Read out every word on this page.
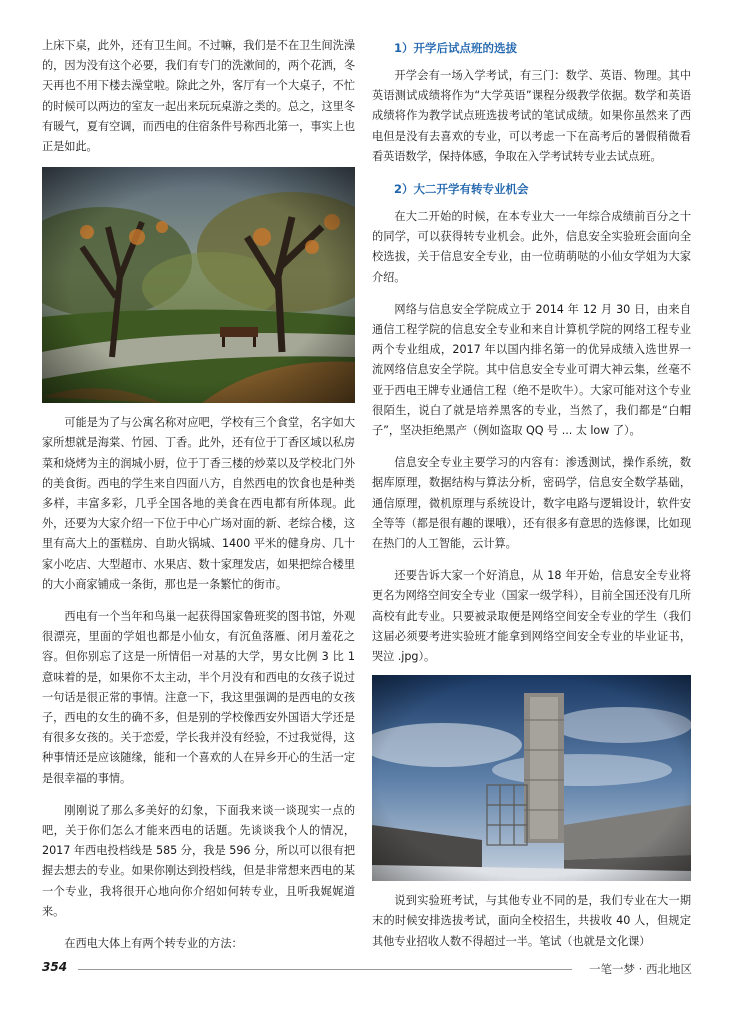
上床下桌，此外，还有卫生间。不过嘛，我们是不在卫生间洗澡的，因为没有这个必要，我们有专门的洗漱间的，两个花洒，冬天再也不用下楼去澡堂啦。除此之外，客厅有一个大桌子，不忙的时候可以两边的室友一起出来玩玩桌游之类的。总之，这里冬有暖气，夏有空调，而西电的住宿条件号称西北第一，事实上也正是如此。

可能是为了与公寓名称对应吧，学校有三个食堂，名字如大家所想就是海棠、竹园、丁香。此外，还有位于丁香区域以私房菜和烧烤为主的润城小厨，位于丁香三楼的炒菜以及学校北门外的美食街。西电的学生来自四面八方，自然西电的饮食也是种类多样，丰富多彩，几乎全国各地的美食在西电都有所体现。此外，还要为大家介绍一下位于中心广场对面的新、老综合楼，这里有高大上的蛋糕房、自助火锅城、1400 平米的健身房、几十家小吃店、大型超市、水果店、数十家理发店，如果把综合楼里的大小商家铺成一条街，那也是一条繁忙的街市。

西电有一个当年和鸟巢一起获得国家鲁班奖的图书馆，外观很漂亮，里面的学姐也都是小仙女，有沉鱼落雁、闭月羞花之容。但你别忘了这是一所情侣一对基的大学，男女比例 3 比 1 意味着的是，如果你不太主动，半个月没有和西电的女孩子说过一句话是很正常的事情。注意一下，我这里强调的是西电的女孩子，西电的女生的确不多，但是别的学校像西安外国语大学还是有很多女孩的。关于恋爱，学长我并没有经验，不过我觉得，这种事情还是应该随缘，能和一个喜欢的人在异乡开心的生活一定是很幸福的事情。

刚刚说了那么多美好的幻象，下面我来谈一谈现实一点的吧，关于你们怎么才能来西电的话题。先谈谈我个人的情况，2017 年西电投档线是 585 分，我是 596 分，所以可以很有把握去想去的专业。如果你刚达到投档线，但是非常想来西电的某一个专业，我将很开心地向你介绍如何转专业，且听我娓娓道来。

在西电大体上有两个转专业的方法：

1）开学后试点班的选拔

开学会有一场入学考试，有三门：数学、英语、物理。其中英语测试成绩将作为“大学英语”课程分级教学依据。数学和英语成绩将作为教学试点班选拔考试的笔试成绩。如果你虽然来了西电但是没有去喜欢的专业，可以考虑一下在高考后的暑假稍微看看英语数学，保持体感，争取在入学考试转专业去试点班。

2）大二开学有转专业机会

在大二开始的时候，在本专业大一一年综合成绩前百分之十的同学，可以获得转专业机会。此外，信息安全实验班会面向全校选拔，关于信息安全专业，由一位萌萌哒的小仙女学姐为大家介绍。

网络与信息安全学院成立于 2014 年 12 月 30 日，由来自通信工程学院的信息安全专业和来自计算机学院的网络工程专业两个专业组成，2017 年以国内排名第一的优异成绩入选世界一流网络信息安全学院。其中信息安全专业可谓大神云集，丝毫不亚于西电王牌专业通信工程（绝不是吹牛）。大家可能对这个专业很陌生，说白了就是培养黑客的专业，当然了，我们都是“白帽子”，坚决拒绝黑产（例如盗取 QQ 号 ... 太 low 了）。

信息安全专业主要学习的内容有：渗透测试，操作系统，数据库原理，数据结构与算法分析，密码学，信息安全数学基础，通信原理，微机原理与系统设计，数字电路与逻辑设计，软件安全等等（都是很有趣的课哦），还有很多有意思的选修课，比如现在热门的人工智能，云计算。

还要告诉大家一个好消息，从 18 年开始，信息安全专业将更名为网络空间安全专业（国家一级学科），目前全国还没有几所高校有此专业。只要被录取便是网络空间安全专业的学生（我们这届必须要考进实验班才能拿到网络空间安全专业的毕业证书，哭泣 .jpg）。

说到实验班考试，与其他专业不同的是，我们专业在大一期末的时候安排选拔考试，面向全校招生，共拔收 40 人，但规定其他专业招收人数不得超过一半。笔试（也就是文化课）

354	一笔一梦 · 西北地区
